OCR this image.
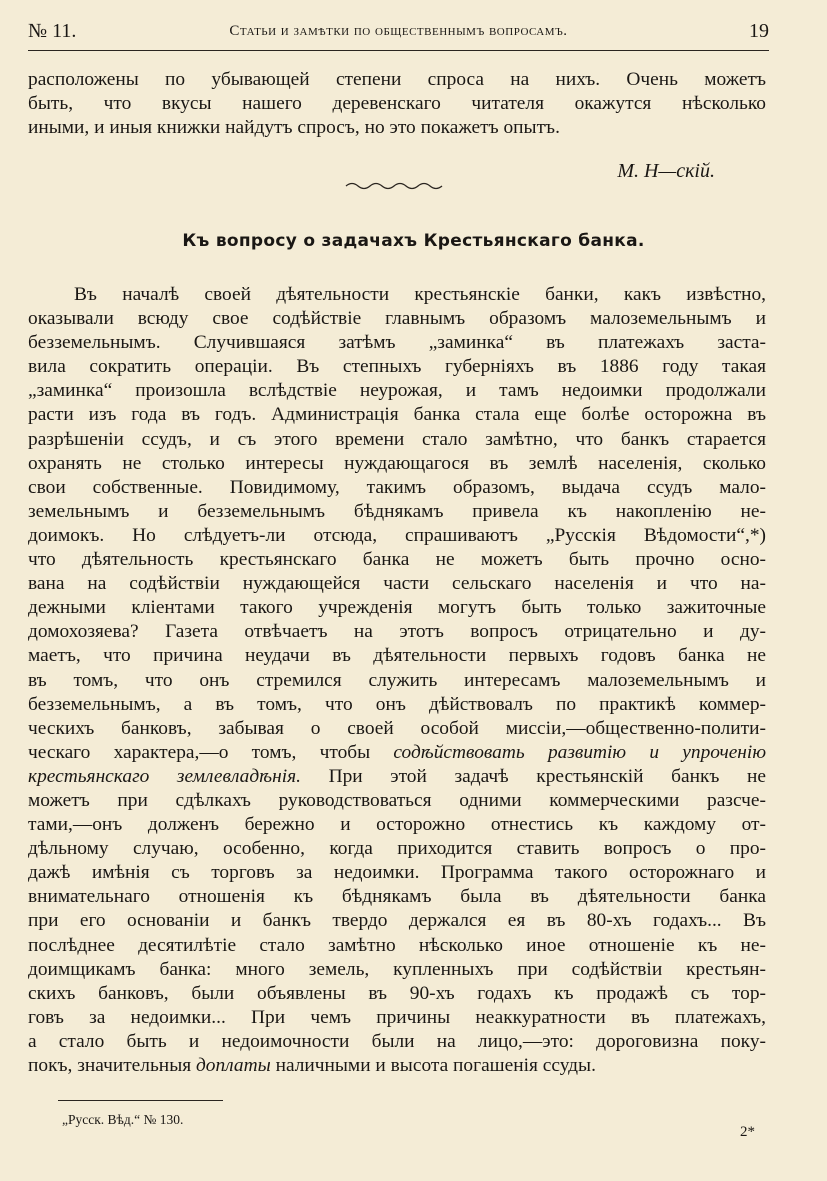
№ 11.	Статьи и замѣтки по общественнымъ вопросамъ.	19
расположены по убывающей степени спроса на нихъ. Очень можетъ
быть, что вкусы нашего деревенскаго читателя окажутся нѣсколько
иными, и иныя книжки найдутъ спросъ, но это покажетъ опытъ.
М. Н—скій.
Къ вопросу о задачахъ Крестьянскаго банка.
Въ началѣ своей дѣятельности крестьянскіе банки, какъ извѣстно,
оказывали всюду свое содѣйствіе главнымъ образомъ малоземельнымъ и
безземельнымъ. Случившаяся затѣмъ „заминка“ въ платежахъ заста-
вила сократить операціи. Въ степныхъ губерніяхъ въ 1886 году такая
„заминка“ произошла вслѣдствіе неурожая, и тамъ недоимки продолжали
расти изъ года въ годъ. Администрація банка стала еще болѣе осторожна въ
разрѣшеніи ссудъ, и съ этого времени стало замѣтно, что банкъ старается
охранять не столько интересы нуждающагося въ землѣ населенія, сколько
свои собственные. Повидимому, такимъ образомъ, выдача ссудъ мало-
земельнымъ и безземельнымъ бѣднякамъ привела къ накопленію не-
доимокъ. Но слѣдуетъ-ли отсюда, спрашиваютъ „Русскія Вѣдомости“,*)
что дѣятельность крестьянскаго банка не можетъ быть прочно осно-
вана на содѣйствіи нуждающейся части сельскаго населенія и что на-
дежными кліентами такого учрежденія могутъ быть только зажиточные
домохозяева? Газета отвѣчаетъ на этотъ вопросъ отрицательно и ду-
маетъ, что причина неудачи въ дѣятельности первыхъ годовъ банка не
въ томъ, что онъ стремился служить интересамъ малоземельнымъ и
безземельнымъ, а въ томъ, что онъ дѣйствовалъ по практикѣ коммер-
ческихъ банковъ, забывая о своей особой миссіи,—общественно-полити-
ческаго характера,—о томъ, чтобы содѣйствовать развитію и упроченію
крестьянскаго землевладѣнія. При этой задачѣ крестьянскій банкъ не
можетъ при сдѣлкахъ руководствоваться одними коммерческими разсче-
тами,—онъ долженъ бережно и осторожно отнестись къ каждому от-
дѣльному случаю, особенно, когда приходится ставить вопросъ о про-
дажѣ имѣнія съ торговъ за недоимки. Программа такого осторожнаго и
внимательнаго отношенія къ бѣднякамъ была въ дѣятельности банка
при его основаніи и банкъ твердо держался ея въ 80-хъ годахъ... Въ
послѣднее десятилѣтіе стало замѣтно нѣсколько иное отношеніе къ не-
доимщикамъ банка: много земель, купленныхъ при содѣйствіи крестьян-
скихъ банковъ, были объявлены въ 90-хъ годахъ къ продажѣ съ тор-
говъ за недоимки... При чемъ причины неаккуратности въ платежахъ,
а стало быть и недоимочности были на лицо,—это: дороговизна поку-
покъ, значительныя доплаты наличными и высота погашенія ссуды.
„Русск. Вѣд.“ № 130.
2*
